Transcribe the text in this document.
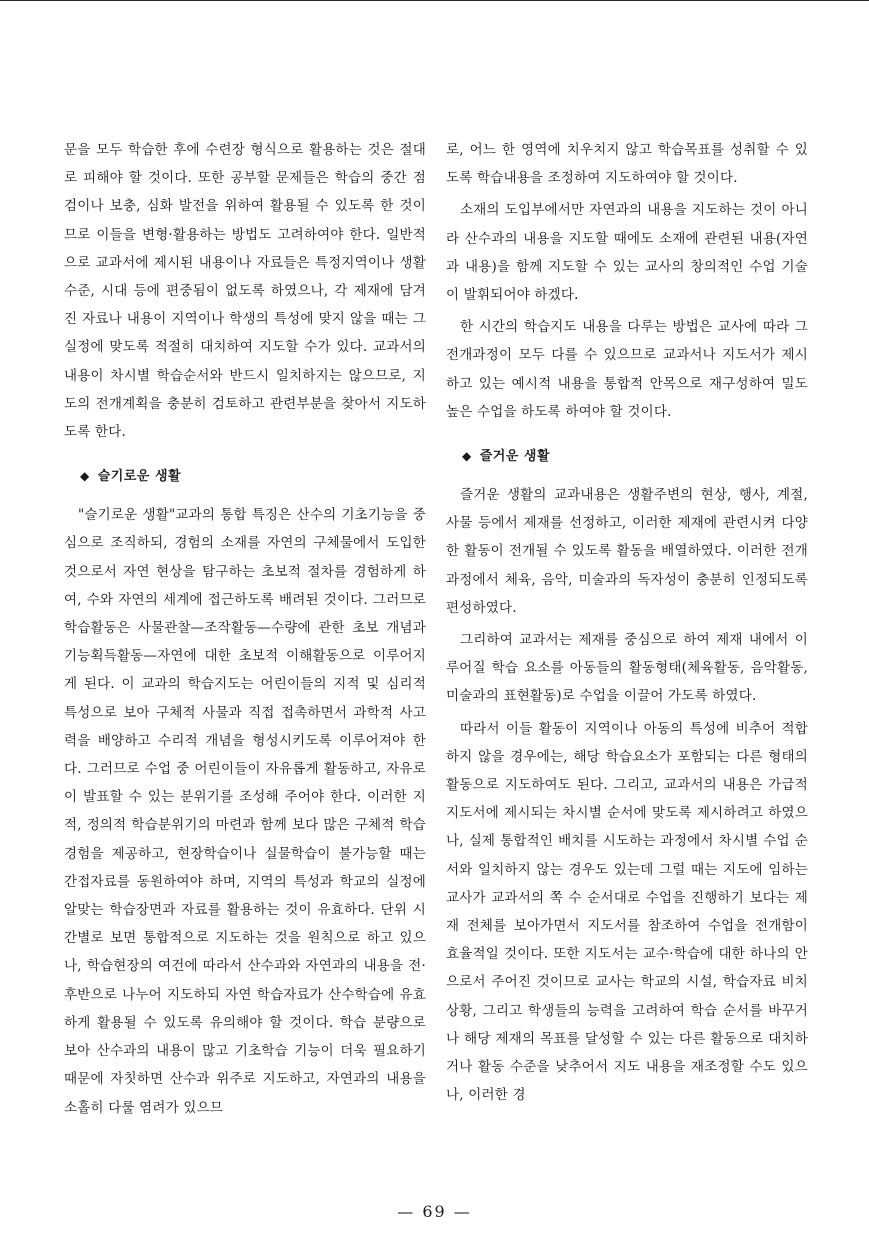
문을 모두 학습한 후에 수련장 형식으로 활용하는 것은 절대로 피해야 할 것이다. 또한 공부할 문제들은 학습의 중간 점검이나 보충, 심화 발전을 위하여 활용될 수 있도록 한 것이므로 이들을 변형·활용하는 방법도 고려하여야 한다. 일반적으로 교과서에 제시된 내용이나 자료들은 특정지역이나 생활수준, 시대 등에 편중됨이 없도록 하였으나, 각 제재에 담겨진 자료나 내용이 지역이나 학생의 특성에 맞지 않을 때는 그 실정에 맞도록 적절히 대치하여 지도할 수가 있다. 교과서의 내용이 차시별 학습순서와 반드시 일치하지는 않으므로, 지도의 전개계획을 충분히 검토하고 관련부분을 찾아서 지도하도록 한다.

◆ 슬기로운 생활

"슬기로운 생활"교과의 통합 특징은 산수의 기초기능을 중심으로 조직하되, 경험의 소재를 자연의 구체물에서 도입한 것으로서 자연 현상을 탐구하는 초보적 절차를 경험하게 하여, 수와 자연의 세계에 접근하도록 배려된 것이다. 그러므로 학습활동은 사물관찰—조작활동—수량에 관한 초보 개념과 기능획득활동—자연에 대한 초보적 이해활동으로 이루어지게 된다. 이 교과의 학습지도는 어린이들의 지적 및 심리적 특성으로 보아 구체적 사물과 직접 접촉하면서 과학적 사고력을 배양하고 수리적 개념을 형성시키도록 이루어져야 한다. 그러므로 수업 중 어린이들이 자유롭게 활동하고, 자유로이 발표할 수 있는 분위기를 조성해 주어야 한다. 이러한 지적, 정의적 학습분위기의 마련과 함께 보다 많은 구체적 학습경험을 제공하고, 현장학습이나 실물학습이 불가능할 때는 간접자료를 동원하여야 하며, 지역의 특성과 학교의 실정에 알맞는 학습장면과 자료를 활용하는 것이 유효하다. 단위 시간별로 보면 통합적으로 지도하는 것을 원칙으로 하고 있으나, 학습현장의 여건에 따라서 산수과와 자연과의 내용을 전·후반으로 나누어 지도하되 자연 학습자료가 산수학습에 유효하게 활용될 수 있도록 유의해야 할 것이다. 학습 분량으로 보아 산수과의 내용이 많고 기초학습 기능이 더욱 필요하기 때문에 자칫하면 산수과 위주로 지도하고, 자연과의 내용을 소홀히 다룰 염려가 있으므

로, 어느 한 영역에 치우치지 않고 학습목표를 성취할 수 있도록 학습내용을 조정하여 지도하여야 할 것이다.

소재의 도입부에서만 자연과의 내용을 지도하는 것이 아니라 산수과의 내용을 지도할 때에도 소재에 관련된 내용(자연과 내용)을 함께 지도할 수 있는 교사의 창의적인 수업 기술이 발휘되어야 하겠다.

한 시간의 학습지도 내용을 다루는 방법은 교사에 따라 그 전개과정이 모두 다를 수 있으므로 교과서나 지도서가 제시하고 있는 예시적 내용을 통합적 안목으로 재구성하여 밀도 높은 수업을 하도록 하여야 할 것이다.

◆ 즐거운 생활

즐거운 생활의 교과내용은 생활주변의 현상, 행사, 계절, 사물 등에서 제재를 선정하고, 이러한 제재에 관련시켜 다양한 활동이 전개될 수 있도록 활동을 배열하였다. 이러한 전개과정에서 체육, 음악, 미술과의 독자성이 충분히 인정되도록 편성하였다.

그리하여 교과서는 제재를 중심으로 하여 제재 내에서 이루어질 학습 요소를 아동들의 활동형태(체육활동, 음악활동, 미술과의 표현활동)로 수업을 이끌어 가도록 하였다.

따라서 이들 활동이 지역이나 아동의 특성에 비추어 적합하지 않을 경우에는, 해당 학습요소가 포함되는 다른 형태의 활동으로 지도하여도 된다. 그리고, 교과서의 내용은 가급적 지도서에 제시되는 차시별 순서에 맞도록 제시하려고 하였으나, 실제 통합적인 배치를 시도하는 과정에서 차시별 수업 순서와 일치하지 않는 경우도 있는데 그럴 때는 지도에 임하는 교사가 교과서의 쪽 수 순서대로 수업을 진행하기 보다는 제재 전체를 보아가면서 지도서를 참조하여 수업을 전개함이 효율적일 것이다. 또한 지도서는 교수·학습에 대한 하나의 안으로서 주어진 것이므로 교사는 학교의 시설, 학습자료 비치상황, 그리고 학생들의 능력을 고려하여 학습 순서를 바꾸거나 해당 제재의 목표를 달성할 수 있는 다른 활동으로 대치하거나 활동 수준을 낮추어서 지도 내용을 재조정할 수도 있으나, 이러한 경

— 69 —
